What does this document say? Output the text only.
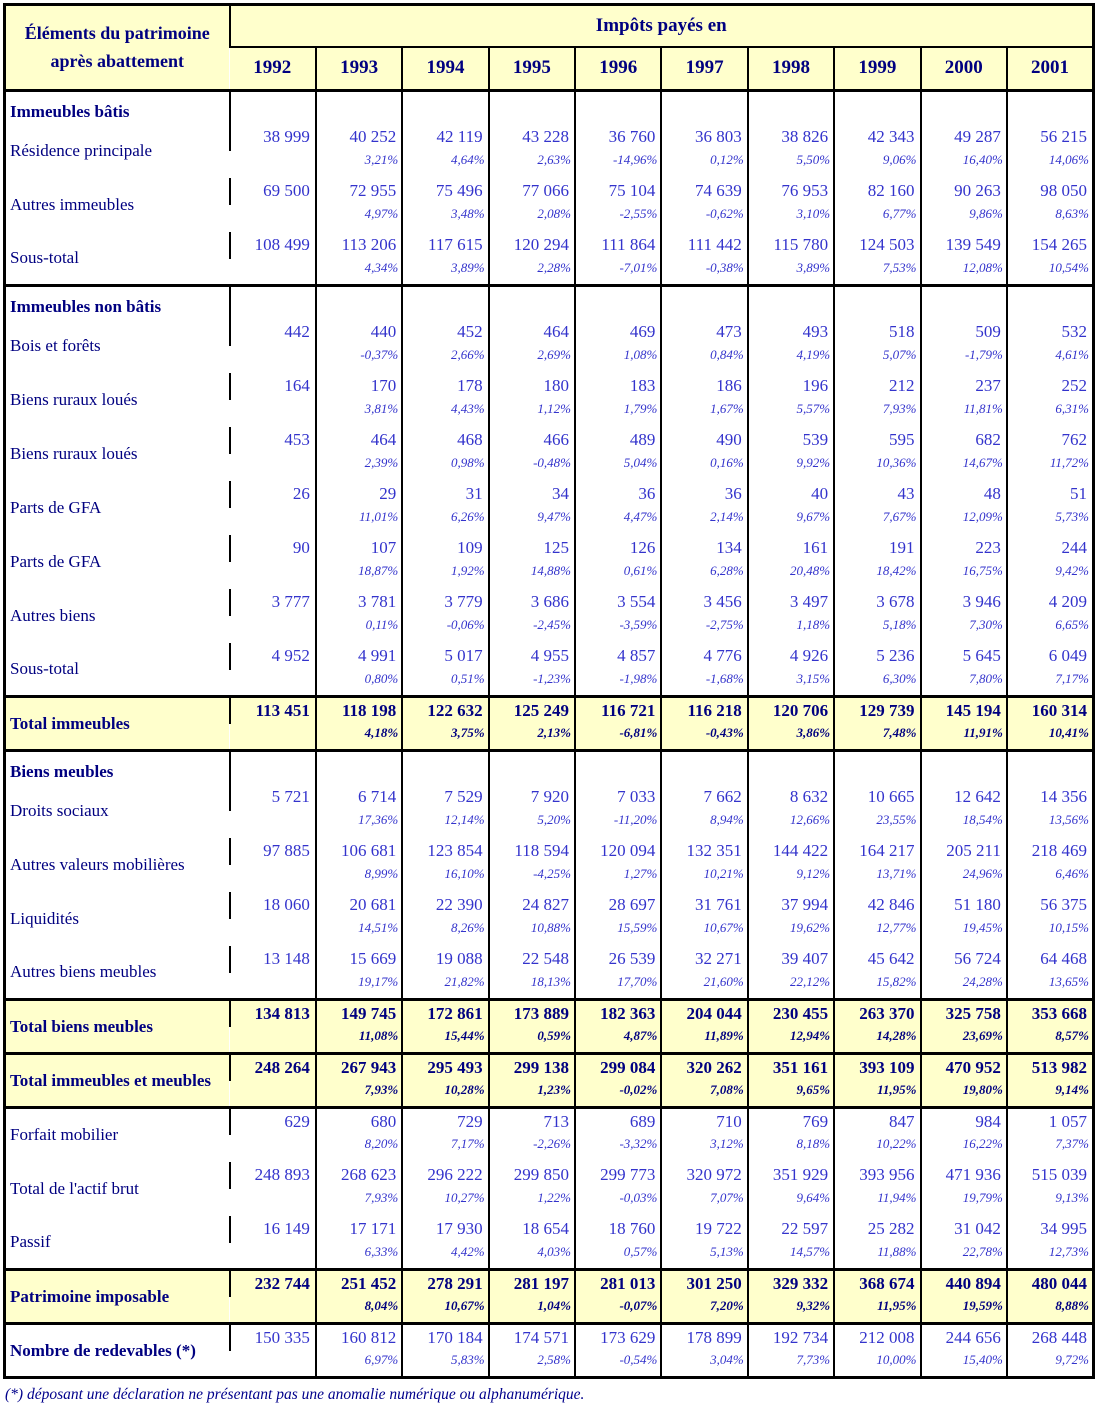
Éléments du patrimoine
après abattement	Impôts payés en									
	1992	1993	1994	1995	1996	1997	1998	1999	2000	2001
Immeubles bâtis										
Résidence principale	38 999	40 252	42 119	43 228	36 760	36 803	38 826	42 343	49 287	56 215
		3,21%	4,64%	2,63%	-14,96%	0,12%	5,50%	9,06%	16,40%	14,06%
Autres immeubles	69 500	72 955	75 496	77 066	75 104	74 639	76 953	82 160	90 263	98 050
		4,97%	3,48%	2,08%	-2,55%	-0,62%	3,10%	6,77%	9,86%	8,63%
Sous-total	108 499	113 206	117 615	120 294	111 864	111 442	115 780	124 503	139 549	154 265
		4,34%	3,89%	2,28%	-7,01%	-0,38%	3,89%	7,53%	12,08%	10,54%
Immeubles non bâtis										
Bois et forêts	442	440	452	464	469	473	493	518	509	532
		-0,37%	2,66%	2,69%	1,08%	0,84%	4,19%	5,07%	-1,79%	4,61%
Biens ruraux loués	164	170	178	180	183	186	196	212	237	252
		3,81%	4,43%	1,12%	1,79%	1,67%	5,57%	7,93%	11,81%	6,31%
Biens ruraux loués	453	464	468	466	489	490	539	595	682	762
		2,39%	0,98%	-0,48%	5,04%	0,16%	9,92%	10,36%	14,67%	11,72%
Parts de GFA	26	29	31	34	36	36	40	43	48	51
		11,01%	6,26%	9,47%	4,47%	2,14%	9,67%	7,67%	12,09%	5,73%
Parts de GFA	90	107	109	125	126	134	161	191	223	244
		18,87%	1,92%	14,88%	0,61%	6,28%	20,48%	18,42%	16,75%	9,42%
Autres biens	3 777	3 781	3 779	3 686	3 554	3 456	3 497	3 678	3 946	4 209
		0,11%	-0,06%	-2,45%	-3,59%	-2,75%	1,18%	5,18%	7,30%	6,65%
Sous-total	4 952	4 991	5 017	4 955	4 857	4 776	4 926	5 236	5 645	6 049
		0,80%	0,51%	-1,23%	-1,98%	-1,68%	3,15%	6,30%	7,80%	7,17%
Total immeubles	113 451	118 198	122 632	125 249	116 721	116 218	120 706	129 739	145 194	160 314
		4,18%	3,75%	2,13%	-6,81%	-0,43%	3,86%	7,48%	11,91%	10,41%
Biens meubles										
Droits sociaux	5 721	6 714	7 529	7 920	7 033	7 662	8 632	10 665	12 642	14 356
		17,36%	12,14%	5,20%	-11,20%	8,94%	12,66%	23,55%	18,54%	13,56%
Autres valeurs mobilières	97 885	106 681	123 854	118 594	120 094	132 351	144 422	164 217	205 211	218 469
		8,99%	16,10%	-4,25%	1,27%	10,21%	9,12%	13,71%	24,96%	6,46%
Liquidités	18 060	20 681	22 390	24 827	28 697	31 761	37 994	42 846	51 180	56 375
		14,51%	8,26%	10,88%	15,59%	10,67%	19,62%	12,77%	19,45%	10,15%
Autres biens meubles	13 148	15 669	19 088	22 548	26 539	32 271	39 407	45 642	56 724	64 468
		19,17%	21,82%	18,13%	17,70%	21,60%	22,12%	15,82%	24,28%	13,65%
Total biens meubles	134 813	149 745	172 861	173 889	182 363	204 044	230 455	263 370	325 758	353 668
		11,08%	15,44%	0,59%	4,87%	11,89%	12,94%	14,28%	23,69%	8,57%
Total immeubles et meubles	248 264	267 943	295 493	299 138	299 084	320 262	351 161	393 109	470 952	513 982
		7,93%	10,28%	1,23%	-0,02%	7,08%	9,65%	11,95%	19,80%	9,14%
Forfait mobilier	629	680	729	713	689	710	769	847	984	1 057
		8,20%	7,17%	-2,26%	-3,32%	3,12%	8,18%	10,22%	16,22%	7,37%
Total de l'actif brut	248 893	268 623	296 222	299 850	299 773	320 972	351 929	393 956	471 936	515 039
		7,93%	10,27%	1,22%	-0,03%	7,07%	9,64%	11,94%	19,79%	9,13%
Passif	16 149	17 171	17 930	18 654	18 760	19 722	22 597	25 282	31 042	34 995
		6,33%	4,42%	4,03%	0,57%	5,13%	14,57%	11,88%	22,78%	12,73%
Patrimoine imposable	232 744	251 452	278 291	281 197	281 013	301 250	329 332	368 674	440 894	480 044
		8,04%	10,67%	1,04%	-0,07%	7,20%	9,32%	11,95%	19,59%	8,88%
Nombre de redevables (*)	150 335	160 812	170 184	174 571	173 629	178 899	192 734	212 008	244 656	268 448
		6,97%	5,83%	2,58%	-0,54%	3,04%	7,73%	10,00%	15,40%	9,72%
(*) déposant une déclaration ne présentant pas une anomalie numérique ou alphanumérique.
